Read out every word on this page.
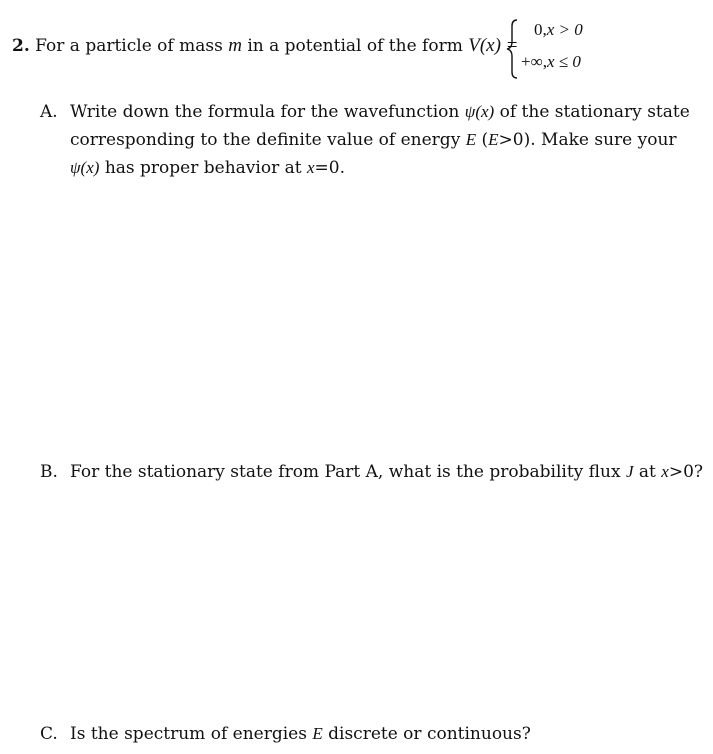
2. For a particle of mass m in a potential of the form V(x) =
0,x > 0
+∞,x ≤ 0
A. Write down the formula for the wavefunction ψ(x) of the stationary state corresponding to the definite value of energy E (E>0). Make sure your ψ(x) has proper behavior at x=0.
B. For the stationary state from Part A, what is the probability flux J at x>0?
C. Is the spectrum of energies E discrete or continuous?
